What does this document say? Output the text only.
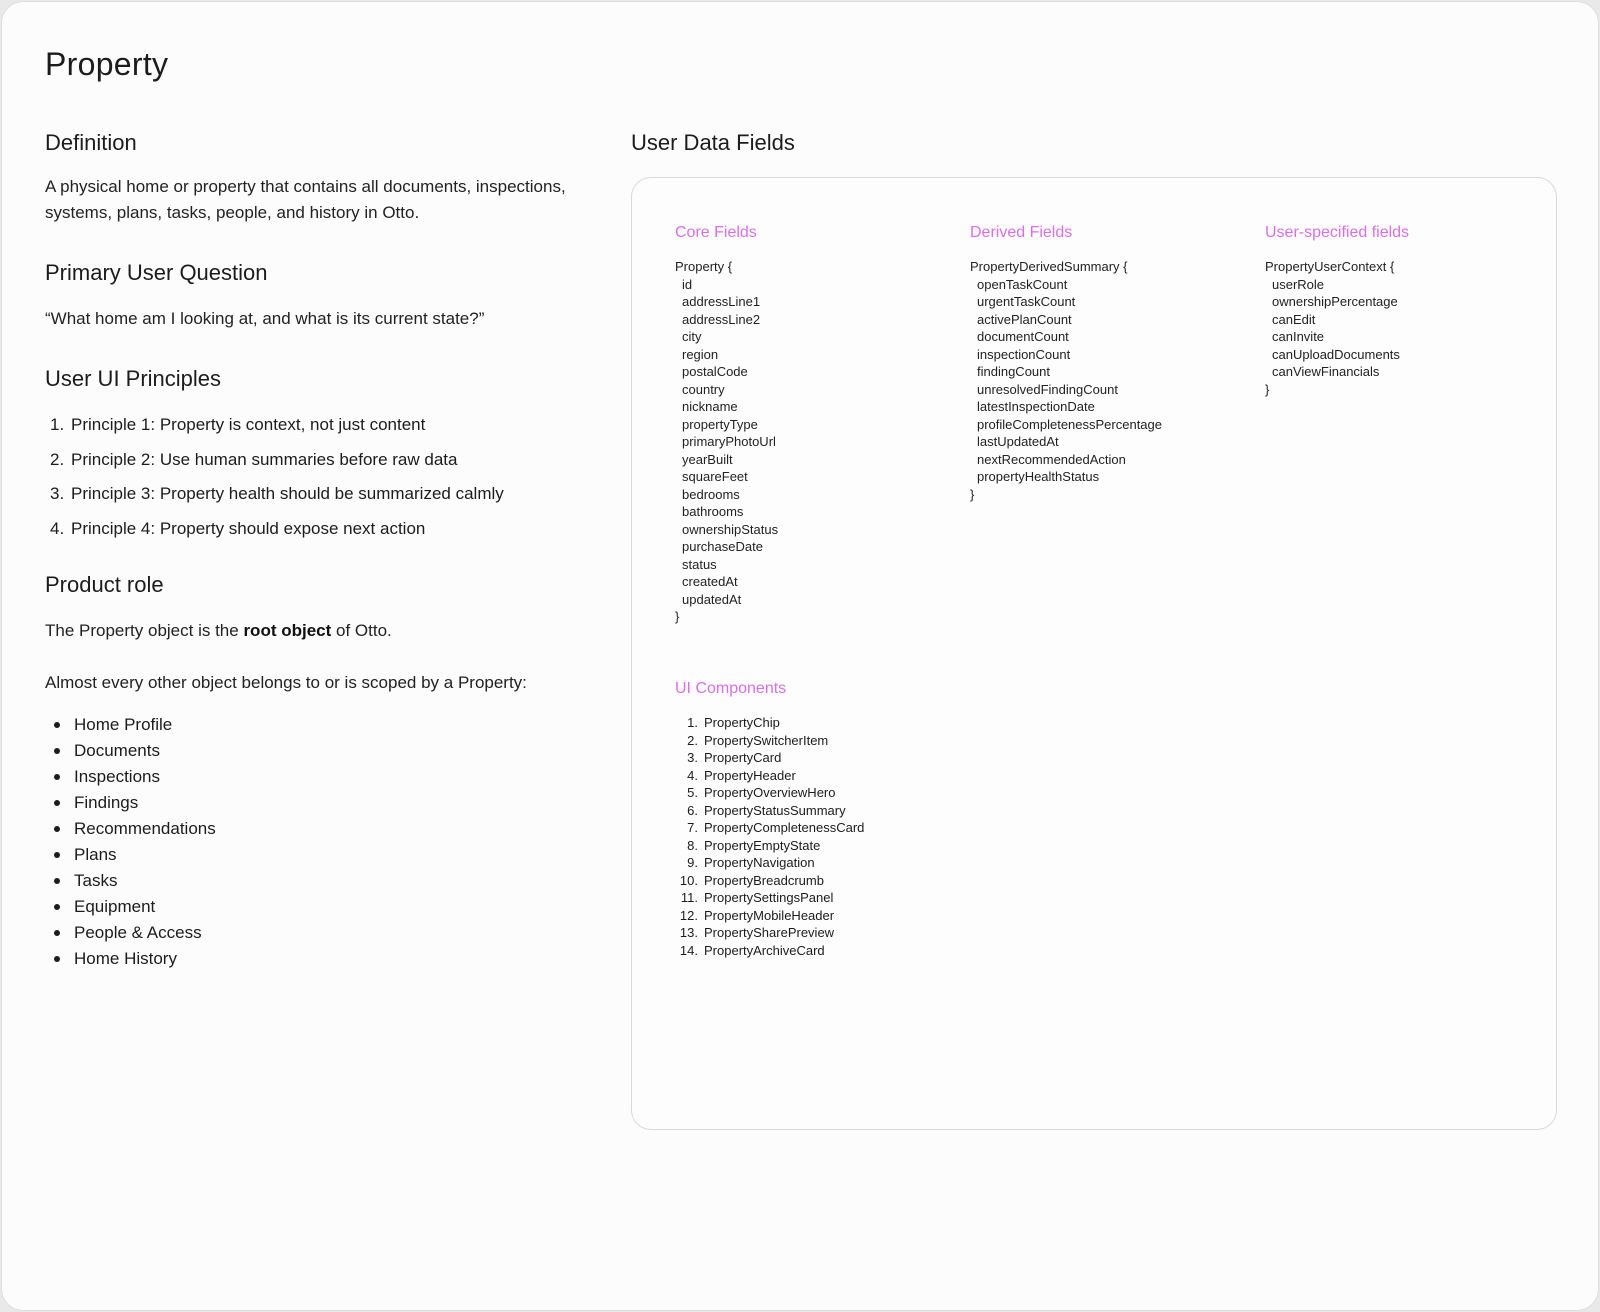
Property
Definition

A physical home or property that contains all documents, inspections, systems, plans, tasks, people, and history in Otto.

Primary User Question

“What home am I looking at, and what is its current state?”

User UI Principles
1. Principle 1: Property is context, not just content
2. Principle 2: Use human summaries before raw data
3. Principle 3: Property health should be summarized calmly
4. Principle 4: Property should expose next action
Product role

The Property object is the root object of Otto.

Almost every other object belongs to or is scoped by a Property:

Home Profile
Documents
Inspections
Findings
Recommendations
Plans
Tasks
Equipment
People & Access
Home History
User Data Fields
Core Fields
Property {
id
addressLine1
addressLine2
city
region
postalCode
country
nickname
propertyType
primaryPhotoUrl
yearBuilt
squareFeet
bedrooms
bathrooms
ownershipStatus
purchaseDate
status
createdAt
updatedAt
}
Derived Fields
PropertyDerivedSummary {
openTaskCount
urgentTaskCount
activePlanCount
documentCount
inspectionCount
findingCount
unresolvedFindingCount
latestInspectionDate
profileCompletenessPercentage
lastUpdatedAt
nextRecommendedAction
propertyHealthStatus
}
User-specified fields
PropertyUserContext {
userRole
ownershipPercentage
canEdit
canInvite
canUploadDocuments
canViewFinancials
}
UI Components
1. PropertyChip
2. PropertySwitcherItem
3. PropertyCard
4. PropertyHeader
5. PropertyOverviewHero
6. PropertyStatusSummary
7. PropertyCompletenessCard
8. PropertyEmptyState
9. PropertyNavigation
10. PropertyBreadcrumb
11. PropertySettingsPanel
12. PropertyMobileHeader
13. PropertySharePreview
14. PropertyArchiveCard
